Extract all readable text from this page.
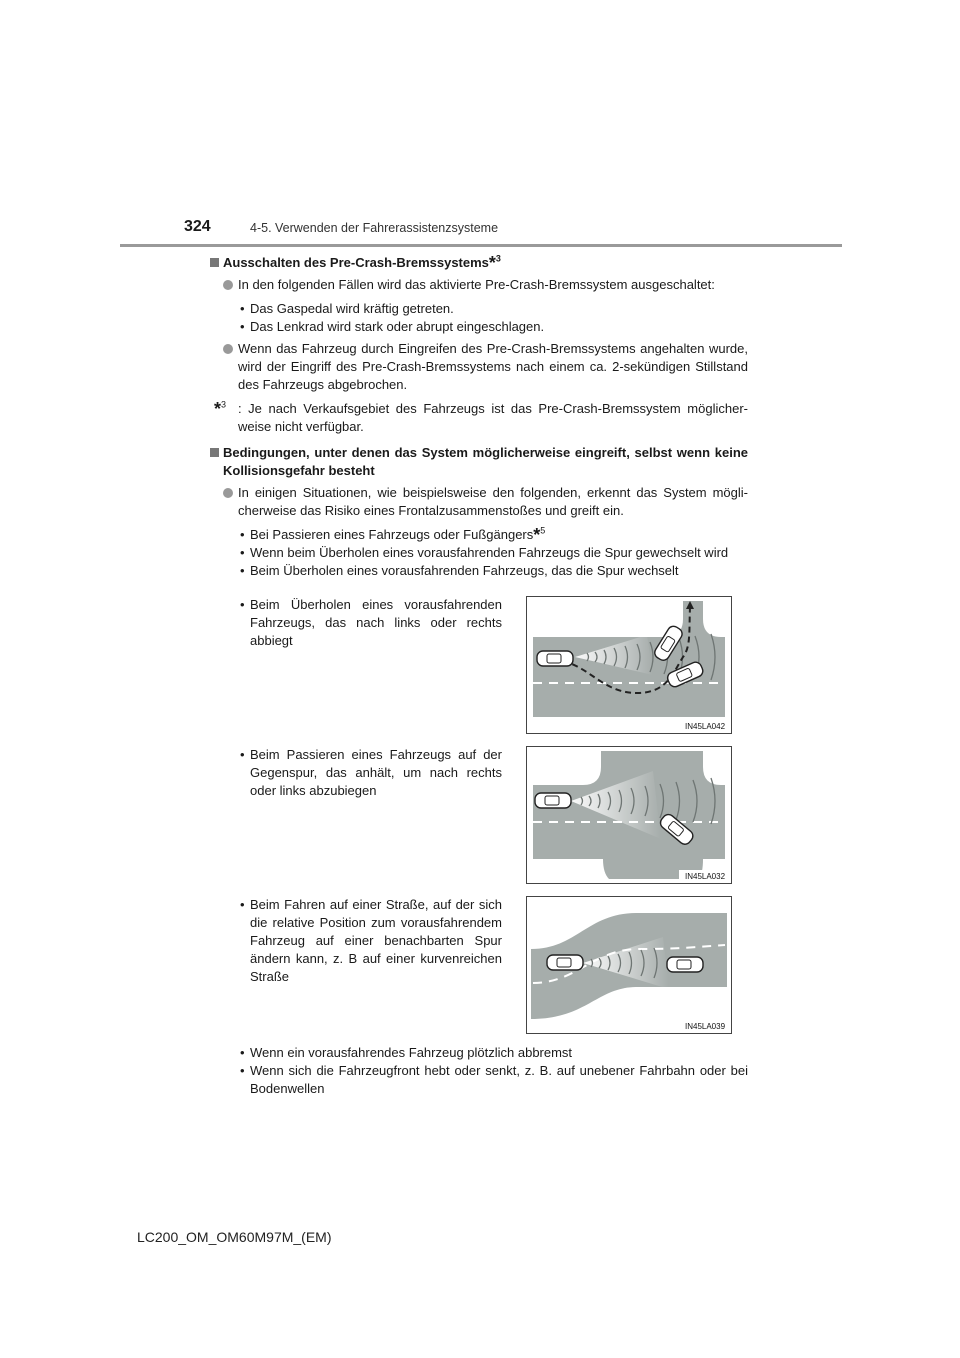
324	4-5. Verwenden der Fahrerassistenzsysteme
Ausschalten des Pre-Crash-Bremssystems*$^3$
In den folgenden Fällen wird das aktivierte Pre-Crash-Bremssystem ausgeschaltet:
• Das Gaspedal wird kräftig getreten.
• Das Lenkrad wird stark oder abrupt eingeschlagen.
Wenn das Fahrzeug durch Eingreifen des Pre-Crash-Bremssystems angehalten wurde, wird der Eingriff des Pre-Crash-Bremssystems nach einem ca. 2-sekündigen Stillstand des Fahrzeugs abgebrochen.
*$^3$ : Je nach Verkaufsgebiet des Fahrzeugs ist das Pre-Crash-Bremssystem möglicherweise nicht verfügbar.
Bedingungen, unter denen das System möglicherweise eingreift, selbst wenn keine Kollisionsgefahr besteht
In einigen Situationen, wie beispielsweise den folgenden, erkennt das System möglicherweise das Risiko eines Frontalzusammenstoßes und greift ein.
• Bei Passieren eines Fahrzeugs oder Fußgängers*$^5$
• Wenn beim Überholen eines vorausfahrenden Fahrzeugs die Spur gewechselt wird
• Beim Überholen eines vorausfahrenden Fahrzeugs, das die Spur wechselt
• Beim Überholen eines vorausfahrenden Fahrzeugs, das nach links oder rechts abbiegt
IN45LA042
• Beim Passieren eines Fahrzeugs auf der Gegenspur, das anhält, um nach rechts oder links abzubiegen
IN45LA032
• Beim Fahren auf einer Straße, auf der sich die relative Position zum vorausfahrendem Fahrzeug auf einer benachbarten Spur ändern kann, z. B auf einer kurvenreichen Straße
IN45LA039
• Wenn ein vorausfahrendes Fahrzeug plötzlich abbremst
• Wenn sich die Fahrzeugfront hebt oder senkt, z. B. auf unebener Fahrbahn oder bei Bodenwellen
LC200_OM_OM60M97M_(EM)
